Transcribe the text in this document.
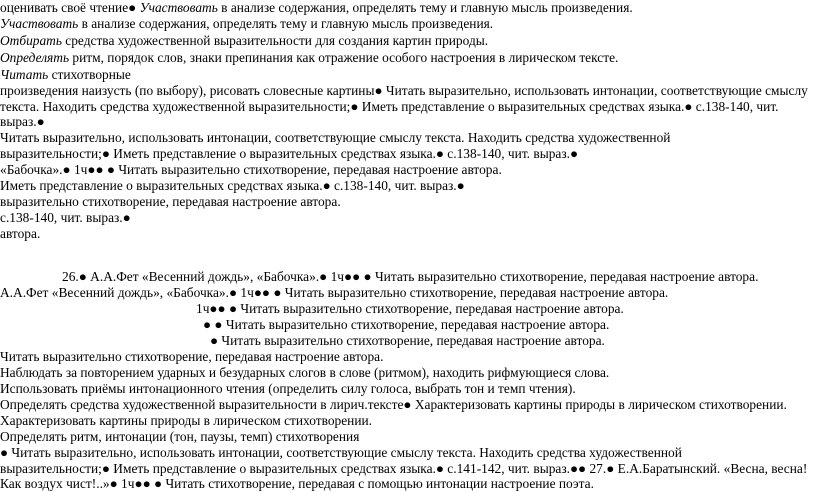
оценивать своё чтение● Участвовать в анализе содержания, определять тему и главную мысль произведения.
Участвовать в анализе содержания, определять тему и главную мысль произведения.
Отбирать средства художественной выразительности для создания картин природы.
Определять ритм, порядок слов, знаки препинания как отражение особого настроения в лирическом тексте.
Читать стихотворные
произведения наизусть (по выбору), рисовать словесные картины● Читать выразительно, использовать интонации, соответствующие смыслу
текста. Находить средства художественной выразительности;● Иметь представление о выразительных средствах языка.● с.138-140, чит.
выраз.●
Читать выразительно, использовать интонации, соответствующие смыслу текста. Находить средства художественной
выразительности;● Иметь представление о выразительных средствах языка.● с.138-140, чит. выраз.●
«Бабочка».● 1ч●● ● Читать выразительно стихотворение, передавая настроение автора.
Иметь представление о выразительных средствах языка.● с.138-140, чит. выраз.●
выразительно стихотворение, передавая настроение автора.
с.138-140, чит. выраз.●
автора.
26.● А.А.Фет «Весенний дождь», «Бабочка».● 1ч●● ● Читать выразительно стихотворение, передавая настроение автора.
А.А.Фет «Весенний дождь», «Бабочка».● 1ч●● ● Читать выразительно стихотворение, передавая настроение автора.
1ч●● ● Читать выразительно стихотворение, передавая настроение автора.
● ● Читать выразительно стихотворение, передавая настроение автора.
● Читать выразительно стихотворение, передавая настроение автора.
Читать выразительно стихотворение, передавая настроение автора.
Наблюдать за повторением ударных и безударных слогов в слове (ритмом), находить рифмующиеся слова.
Использовать приёмы интонационного чтения (определить силу голоса, выбрать тон и темп чтения).
Определять средства художественной выразительности в лирич.тексте● Характеризовать картины природы в лирическом стихотворении.
Характеризовать картины природы в лирическом стихотворении.
Определять ритм, интонации (тон, паузы, темп) стихотворения
● Читать выразительно, использовать интонации, соответствующие смыслу текста. Находить средства художественной
выразительности;● Иметь представление о выразительных средствах языка.● с.141-142, чит. выраз.●● 27.● Е.А.Баратынский. «Весна, весна!
Как воздух чист!..»● 1ч●● ● Читать стихотворение, передавая с помощью интонации настроение поэта.
